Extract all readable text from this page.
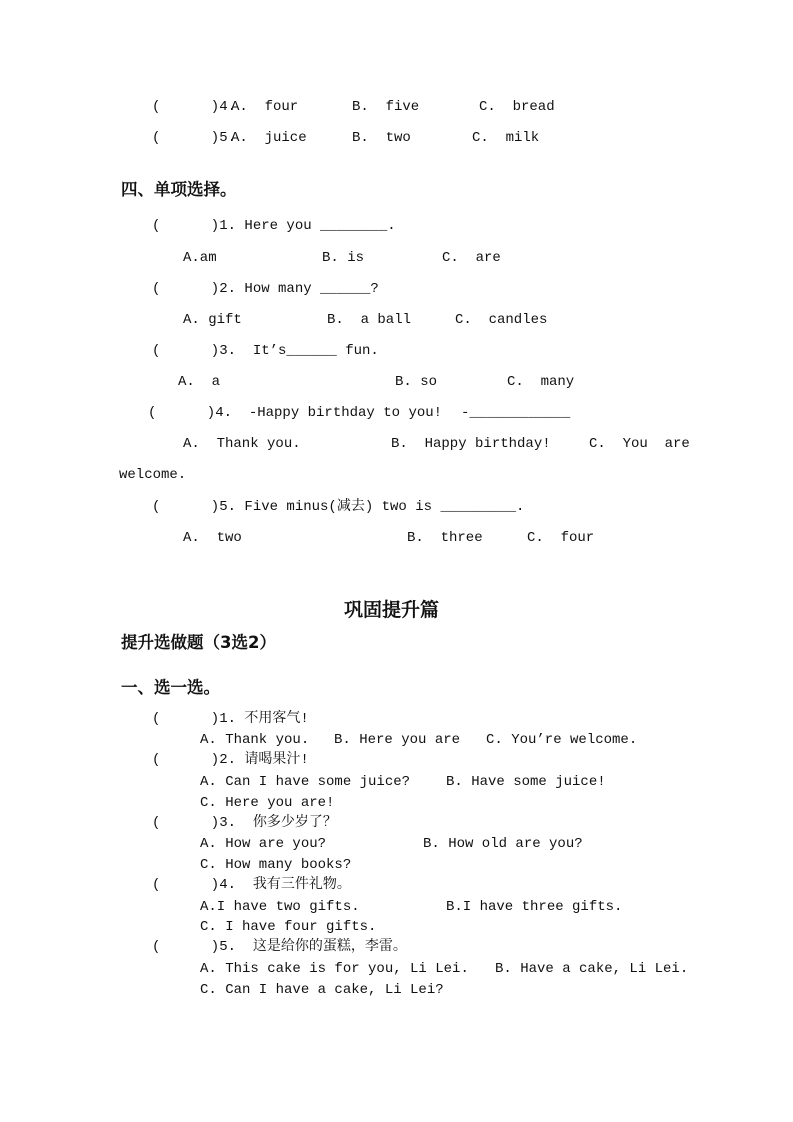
(      )4.
A.  four	B.  five	C.  bread
(      )5.
A.  juice	B.  two	C.  milk
四、单项选择。
(      )1. Here you ________.
A.am	B. is	C.  are
(      )2. How many ______?
A. gift	B.  a ball	C.  candles
(      )3.  It’s______ fun.
A.  a	B. so	C.  many
(      )4.  -Happy birthday to you! -____________
A.  Thank you.	B.  Happy birthday!	C.  You  are
welcome.
(      )5. Five minus(减去) two is _________.
A.  two	B.  three	C.  four
巩固提升篇
提升选做题（3选2）
一、选一选。
(      )1. 不用客气!
A. Thank you. B. Here you are C. You’re welcome.
(      )2. 请喝果汁!
A. Can I have some juice?	B. Have some juice!
C. Here you are!
(      )3.  你多少岁了？
A. How are you?	B. How old are you?
C. How many books?
(      )4.  我有三件礼物。
A.I have two gifts.	B.I have three gifts.
C. I have four gifts.
(      )5.  这是给你的蛋糕，李雷。
A. This cake is for you, Li Lei. B. Have a cake, Li Lei.
C. Can I have a cake, Li Lei?
